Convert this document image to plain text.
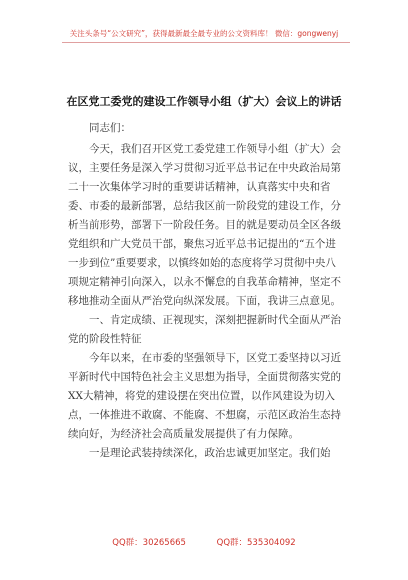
关注头条号“公文研究”，获得最新最全最专业的公文资料库！ 微信：gongwenyj
在区党工委党的建设工作领导小组（扩大）会议上的讲话
同志们：

今天，我们召开区党工委党建工作领导小组（扩大）会议，主要任务是深入学习贯彻习近平总书记在中央政治局第二十一次集体学习时的重要讲话精神，认真落实中央和省委、市委的最新部署，总结我区前一阶段党的建设工作，分析当前形势，部署下一阶段任务。目的就是要动员全区各级党组织和广大党员干部，聚焦习近平总书记提出的“五个进一步到位”重要要求，以慎终如始的态度将学习贯彻中央八项规定精神引向深入，以永不懈怠的自我革命精神，坚定不移地推动全面从严治党向纵深发展。下面，我讲三点意见。

一、肯定成绩、正视现实，深刻把握新时代全面从严治党的阶段性特征

今年以来，在市委的坚强领导下，区党工委坚持以习近平新时代中国特色社会主义思想为指导，全面贯彻落实党的XX大精神，将党的建设摆在突出位置，以作风建设为切入点，一体推进不敢腐、不能腐、不想腐，示范区政治生态持续向好，为经济社会高质量发展提供了有力保障。

一是理论武装持续深化，政治忠诚更加坚定。我们始

QQ群：30265665	QQ群：535304092
